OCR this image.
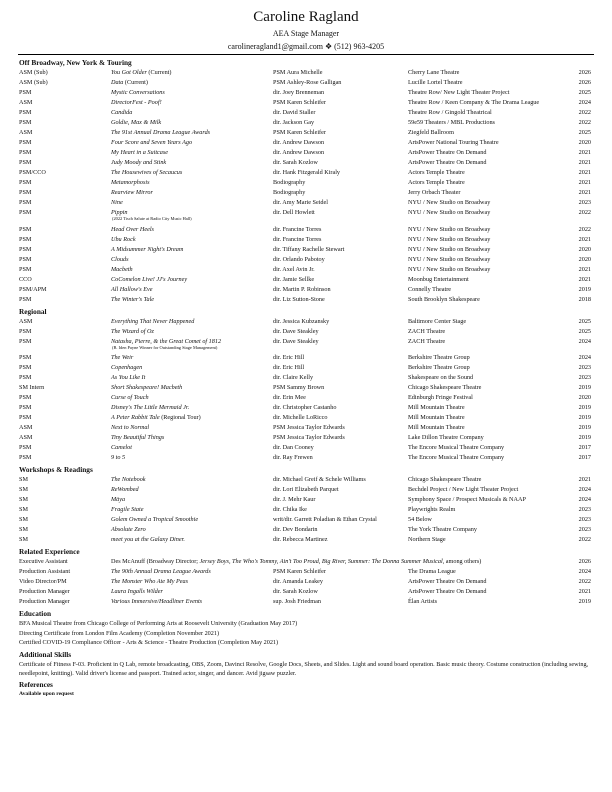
Caroline Ragland
AEA Stage Manager
carolineragland1@gmail.com ❖ (512) 963-4205
Off Broadway, New York & Touring
ASM (Sub)	You Got Older (Current)	PSM Aura Michelle	Cherry Lane Theatre	2026
ASM (Sub)	Data (Current)	PSM Ashley-Rose Galligan	Lucille Lortel Theatre	2026
PSM	Mystic Conversations	dir. Joey Brenneman	Theatre Row/ New Light Theater Project	2025
ASM	DirectorFest - Poof!	PSM Karen Schleifer	Theatre Row / Keen Company & The Drama League	2024
PSM	Candida	dir. David Staller	Theatre Row / Gingold Theatrical	2022
PSM	Goldie, Max & Milk	dir. Jackson Gay	59e59 Theaters / MBL Productions	2022
ASM	The 91st Annual Drama League Awards	PSM Karen Schleifer	Ziegfeld Ballroom	2025
PSM	Four Score and Seven Years Ago	dir. Andrew Dawson	ArtsPower National Touring Theatre	2020
PSM	My Heart in a Suitcase	dir. Andrew Dawson	ArtsPower Theatre On Demand	2021
PSM	Judy Moody and Stink	dir. Sarah Kozlow	ArtsPower Theatre On Demand	2021
PSM/CCO	The Housewives of Secaucus	dir. Hank Fitzgerald Kiraly	Actors Temple Theatre	2021
PSM	Metamorphosis	Bodiography	Actors Temple Theatre	2021
PSM	Rearview Mirror	Bodiography	Jerry Orbach Theater	2021
PSM	Nine	dir. Amy Marie Seidel	NYU / New Studio on Broadway	2023
PSM	Pippin	dir. Dell Howlett	NYU / New Studio on Broadway	2022
(2022 Tisch Salute at Radio City Music Hall)
PSM	Head Over Heels	dir. Francine Torres	NYU / New Studio on Broadway	2022
PSM	Ubu Rock	dir. Francine Torres	NYU / New Studio on Broadway	2021
PSM	A Midsummer Night's Dream	dir. Tiffany Rachelle Stewart	NYU / New Studio on Broadway	2020
PSM	Clouds	dir. Orlando Pabotoy	NYU / New Studio on Broadway	2020
PSM	Macbeth	dir. Axel Avin Jr.	NYU / New Studio on Broadway	2021
CCO	CoComelon Live! JJ's Journey	dir. Jamie Sellke	Moonbug Entertainment	2021
PSM/APM	All Hallow's Eve	dir. Martin P. Robinson	Connelly Theatre	2019
PSM	The Winter's Tale	dir. Liz Sutton-Stone	South Brooklyn Shakespeare	2018
Regional
ASM	Everything That Never Happened	dir. Jessica Kubzansky	Baltimore Center Stage	2025
PSM	The Wizard of Oz	dir. Dave Steakley	ZACH Theatre	2025
PSM	Natasha, Pierre, & the Great Comet of 1812	dir. Dave Steakley	ZACH Theatre	2024
(B. Iden Payne Winner for Outstanding Stage Management)
PSM	The Weir	dir. Eric Hill	Berkshire Theatre Group	2024
PSM	Copenhagen	dir. Eric Hill	Berkshire Theatre Group	2023
PSM	As You Like It	dir. Claire Kelly	Shakespeare on the Sound	2023
SM Intern	Short Shakespeare! Macbeth	PSM Sammy Brown	Chicago Shakespeare Theatre	2019
PSM	Curse of Touch	dir. Erin Mee	Edinburgh Fringe Festival	2020
PSM	Disney's The Little Mermaid Jr.	dir. Christopher Castanho	Mill Mountain Theatre	2019
PSM	A Peter Rabbit Tale (Regional Tour)	dir. Michelle LoRicco	Mill Mountain Theatre	2019
ASM	Next to Normal	PSM Jessica Taylor Edwards	Mill Mountain Theatre	2019
ASM	Tiny Beautiful Things	PSM Jessica Taylor Edwards	Lake Dillon Theatre Company	2019
PSM	Camelot	dir. Dan Cooney	The Encore Musical Theatre Company	2017
PSM	9 to 5	dir. Ray Frewen	The Encore Musical Theatre Company	2017
Workshops & Readings
SM	The Notebook	dir. Michael Greif & Schele Williams	Chicago Shakespeare Theatre	2021
SM	ReWombed	dir. Lori Elizabeth Parquet	Bechdel Project / New Light Theater Project	2024
SM	Māya	dir. J. Mehr Kaur	Symphony Space / Prospect Musicals & NAAP	2024
SM	Fragile State	dir. Chika Ike	Playwrights Realm	2023
SM	Golem Owned a Tropical Smoothie	writ/dir. Garrett Poladian & Ethan Crystal	54 Below	2023
SM	Absolute Zero	dir. Dev Bondarin	The York Theatre Company	2023
SM	meet you at the Galaxy Diner.	dir. Rebecca Martinez	Northern Stage	2022
Related Experience
Executive Assistant	Des McAnuff (Broadway Director; Jersey Boys, The Who's Tommy, Ain't Too Proud, Big River, Summer: The Donna Summer Musical, among others)	2026
Production Assistant	The 90th Annual Drama League Awards	PSM Karen Schleifer	The Drama League	2024
Video Director/PM	The Monster Who Ate My Peas	dir. Amanda Leakey	ArtsPower Theatre On Demand	2022
Production Manager	Laura Ingalls Wilder	dir. Sarah Kozlow	ArtsPower Theatre On Demand	2021
Production Manager	Various Immersive/Headliner Events	sup. Josh Friedman	Élan Artists	2019
Education
BFA Musical Theatre from Chicago College of Performing Arts at Roosevelt University (Graduation May 2017)
Directing Certificate from London Film Academy (Completion November 2021)
Certified COVID-19 Compliance Officer - Arts & Science - Theatre Production (Completion May 2021)
Additional Skills
Certificate of Fitness F-03. Proficient in Q Lab, remote broadcasting, OBS, Zoom, Davinci Resolve, Google Docs, Sheets, and Slides. Light and sound board operation. Basic music theory. Costume construction (including sewing, needlepoint, knitting). Valid driver's license and passport. Trained actor, singer, and dancer. Avid jigsaw puzzler.
References
Available upon request
